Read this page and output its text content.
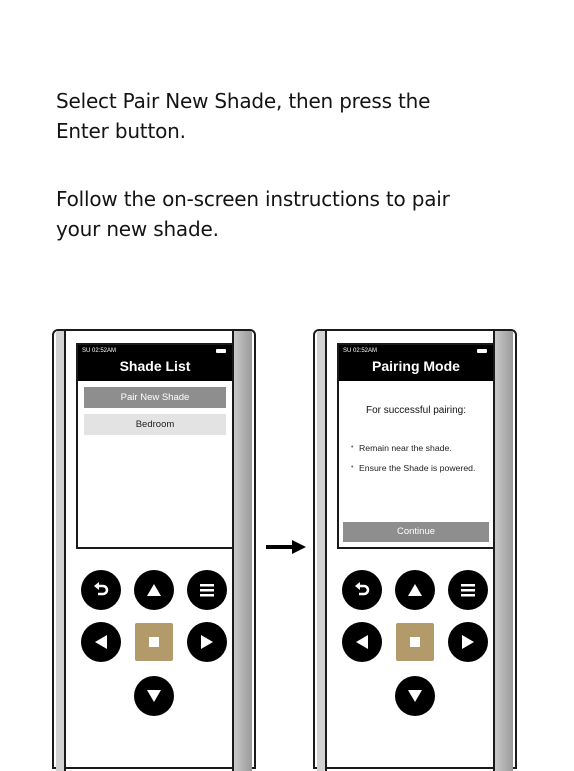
Select Pair New Shade, then press the Enter button.

Follow the on-screen instructions to pair your new shade.

SU 02:52AM
Shade List
Pair New Shade
Bedroom
SU 02:52AM
Pairing Mode
For successful pairing:
• Remain near the shade.
• Ensure the Shade is powered.
Continue
